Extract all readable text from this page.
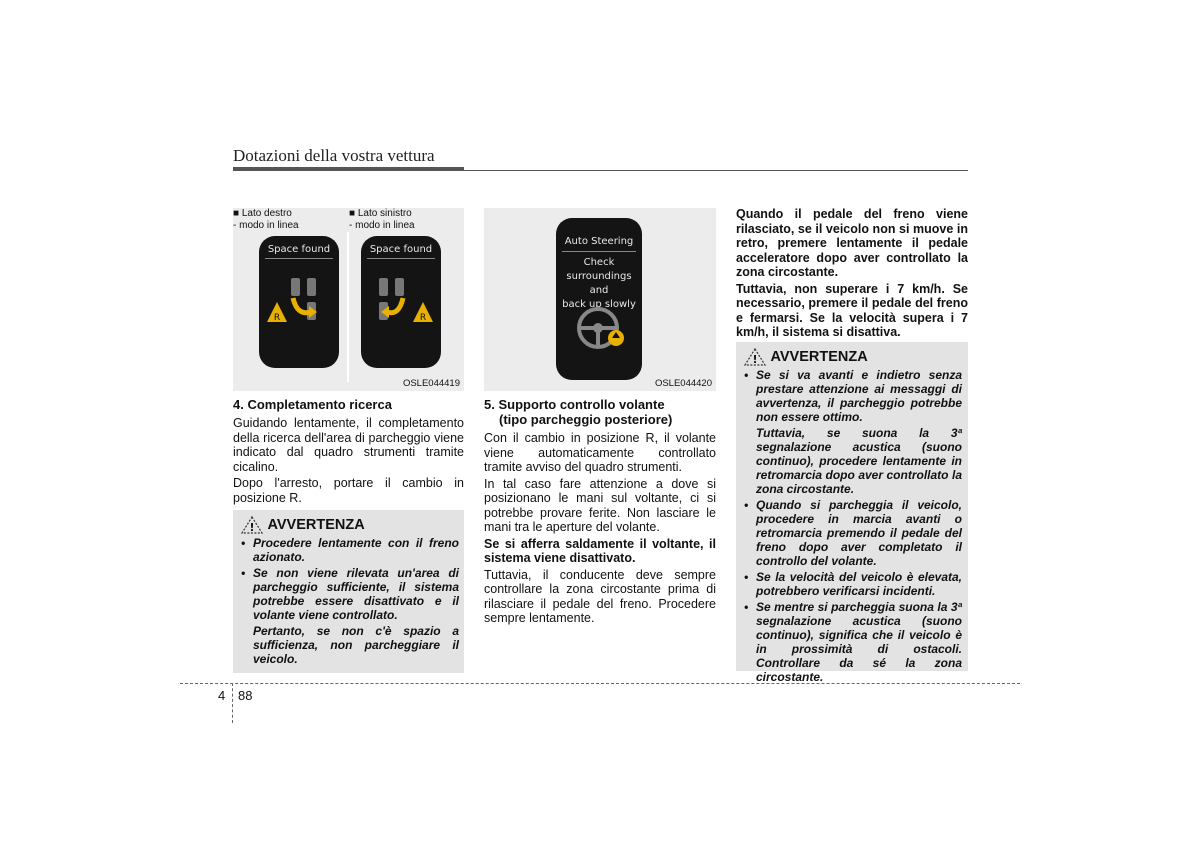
Dotazioni della vostra vettura
■ Lato destro
- modo in linea
■ Lato sinistro
- modo in linea
Space found
R
Space found
R
OSLE044419
Auto Steering
Check surroundings
and
back up slowly
OSLE044420
4. Completamento ricerca

Guidando lentamente, il completamento della ricerca dell'area di parcheggio viene indicato dal quadro strumenti tramite cicalino.

Dopo l'arresto, portare il cambio in posizione R.

! AVVERTENZA
• Procedere lentamente con il freno azionato.
• Se non viene rilevata un'area di parcheggio sufficiente, il sistema potrebbe essere disattivato e il volante viene controllato.
Pertanto, se non c'è spazio a sufficienza, non parcheggiare il veicolo.
5. Supporto controllo volante
(tipo parcheggio posteriore)

Con il cambio in posizione R, il volante viene automaticamente controllato tramite avviso del quadro strumenti.

In tal caso fare attenzione a dove si posizionano le mani sul voltante, ci si potrebbe provare ferite. Non lasciare le mani tra le aperture del volante.

Se si afferra saldamente il voltante, il sistema viene disattivato.

Tuttavia, il conducente deve sempre controllare la zona circostante prima di rilasciare il pedale del freno. Procedere sempre lentamente.

Quando il pedale del freno viene rilasciato, se il veicolo non si muove in retro, premere lentamente il pedale acceleratore dopo aver controllato la zona circostante.

Tuttavia, non superare i 7 km/h. Se necessario, premere il pedale del freno e fermarsi. Se la velocità supera i 7 km/h, il sistema si disattiva.

! AVVERTENZA
• Se si va avanti e indietro senza prestare attenzione ai messaggi di avvertenza, il parcheggio potrebbe non essere ottimo.
Tuttavia, se suona la 3ª segnalazione acustica (suono continuo), procedere lentamente in retromarcia dopo aver controllato la zona circostante.
• Quando si parcheggia il veicolo, procedere in marcia avanti o retromarcia premendo il pedale del freno dopo aver completato il controllo del volante.
• Se la velocità del veicolo è elevata, potrebbero verificarsi incidenti.
• Se mentre si parcheggia suona la 3ª segnalazione acustica (suono continuo), significa che il veicolo è in prossimità di ostacoli. Controllare da sé la zona circostante.
4 88
